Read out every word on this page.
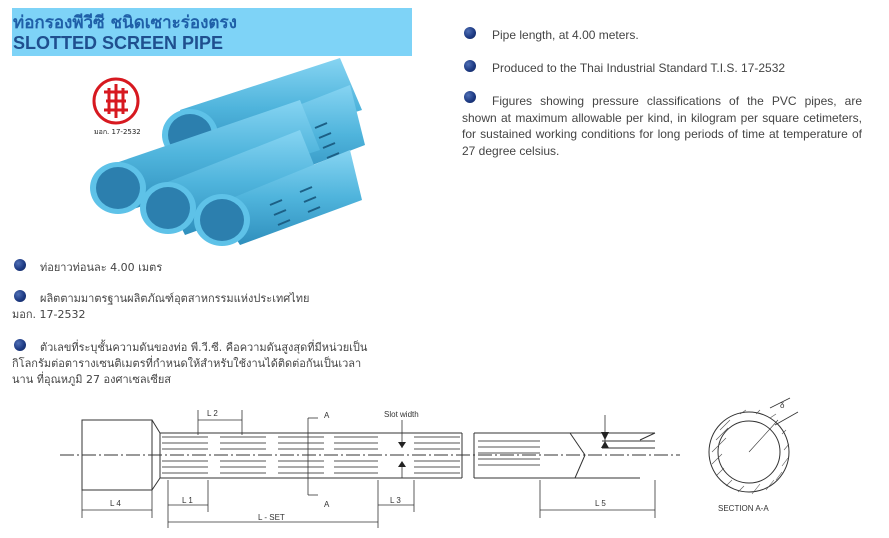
ท่อกรองพีวีซี ชนิดเซาะร่องตรง
SLOTTED SCREEN PIPE
มอก. 17-2532
Pipe length, at 4.00 meters.
Produced to the Thai Industrial Standard T.I.S. 17-2532
Figures showing pressure classifications of the PVC pipes, are shown at maximum allowable per kind, in kilogram per square cetimeters, for sustained working conditions for long periods of time at temperature of 27 degree celsius.
ท่อยาวท่อนละ 4.00 เมตร
ผลิตตามมาตรฐานผลิตภัณฑ์อุตสาหกรรมแห่งประเทศไทย
มอก. 17-2532
ตัวเลขที่ระบุชั้นความดันของท่อ พี.วี.ซี. คือความดันสูงสุดที่มีหน่วยเป็น
กิโลกรัมต่อตารางเซนติเมตรที่กำหนดให้สำหรับใช้งานได้ติดต่อกันเป็นเวลา
นาน ที่อุณหภูมิ 27 องศาเซลเซียส
L 2	A	Slot width
L 4	L 1	A	L 3
L - SET
L 5
δ
SECTION A-A
